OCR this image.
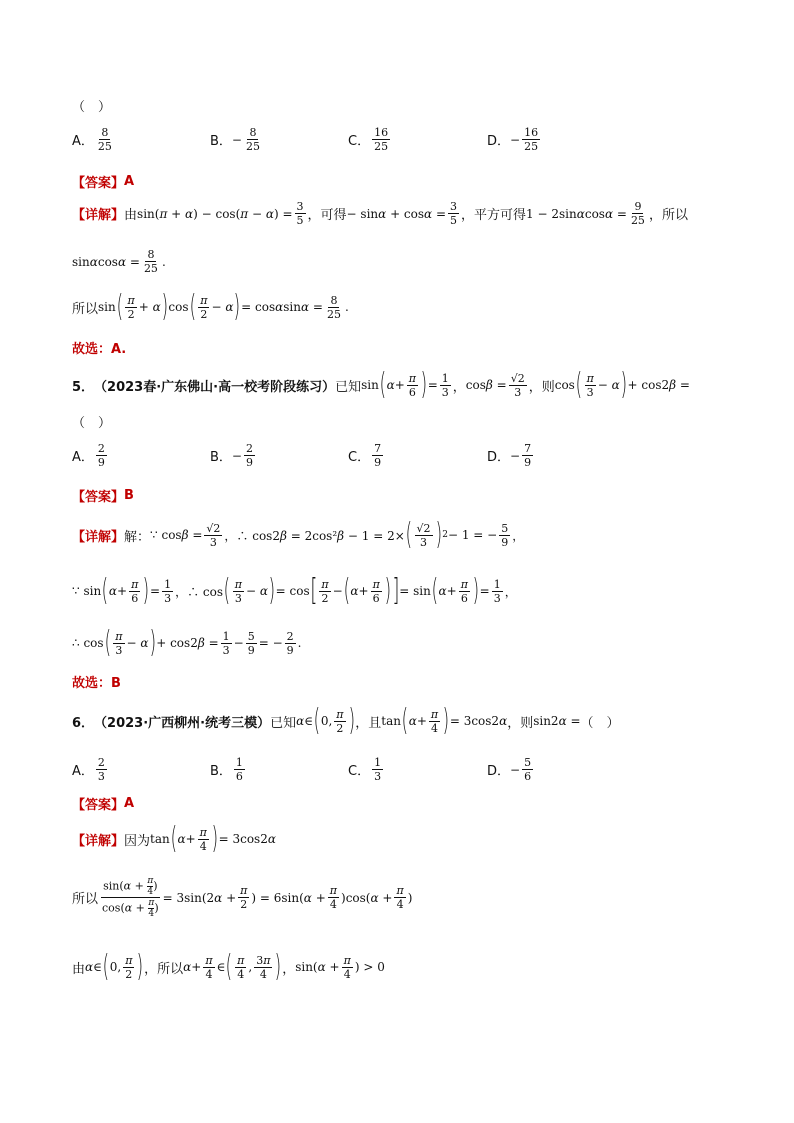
（　）
A． $\frac{8}{25}$	B． − $\frac{8}{25}$	C． $\frac{16}{25}$	D． − $\frac{16}{25}$
【答案】 A
【详解】 由 $\sin(\pi + \alpha) - \cos(\pi - \alpha) = \frac{3}{5}$ ，可得 − $\sin\alpha + \cos\alpha = \frac{3}{5}$ ，平方可得 $1 - 2\sin\alpha\cos\alpha = \frac{9}{25}$ ，所以
$\sin\alpha\cos\alpha = \frac{8}{25}$ .
所以 sin ( π
2 + α ) cos ( π
2 − α ) = $\cos\alpha\sin\alpha = \frac{8}{25}$ .
故选：A.
5． （2023春·广东佛山·高一校考阶段练习） 已知 sin ( $\alpha + \frac{\pi}{6}$ ) = $\frac{1}{3}$ ， $\cos\beta = \frac{√2}{3}$ ，则 cos ( π
3 − α ) + cos2β =
（　）
A． $\frac{2}{9}$	B． − $\frac{2}{9}$	C． $\frac{7}{9}$	D． − $\frac{7}{9}$
【答案】 B
【详解】 解： ∵ $\cos\beta = \frac{√2}{3}$ ，∴ cos2β = 2cos²β − 1 = 2× ( √2
3 ) 2 − 1 = − $\frac{5}{9}$ ，
∵ sin ( $\alpha + \frac{\pi}{6}$ ) = $\frac{1}{3}$ ，∴ cos ( π
3 − α ) = cos [ π
2 − ( $\alpha + \frac{\pi}{6}$ ) ] = sin ( $\alpha + \frac{\pi}{6}$ ) = $\frac{1}{3}$ ，
∴ cos ( π
3 − α ) + $\cos 2\beta = \frac{1}{3} - \frac{5}{9}$ = − $\frac{2}{9}$ .
故选：B
6． （2023·广西柳州·统考三模） 已知 α ∈ ( 0, π
2 ) ，且 tan ( $\alpha + \frac{\pi}{4}$ ) = 3cos2α ，则 sin2α = （　）
A． $\frac{2}{3}$	B． $\frac{1}{6}$	C． $\frac{1}{3}$	D． − $\frac{5}{6}$
【答案】 A
【详解】 因为 tan ( $\alpha + \frac{\pi}{4}$ ) = 3cos2α
所以 $\frac{\sin(\alpha + \frac{\pi}{4} )}{\cos(\alpha + \frac{\pi}{4} )} = 3\sin(2\alpha + \frac{\pi}{2}$ ) = $6\sin(\alpha + \frac{\pi}{4} )\cos(\alpha + \frac{\pi}{4}$ )
由 α ∈ ( 0, π
2 ) ，所以 $\alpha + \frac{\pi}{4}$ ∈ ( π
4 , 3π
4 ) ， $\sin(\alpha + \frac{\pi}{4}$ ) > 0
